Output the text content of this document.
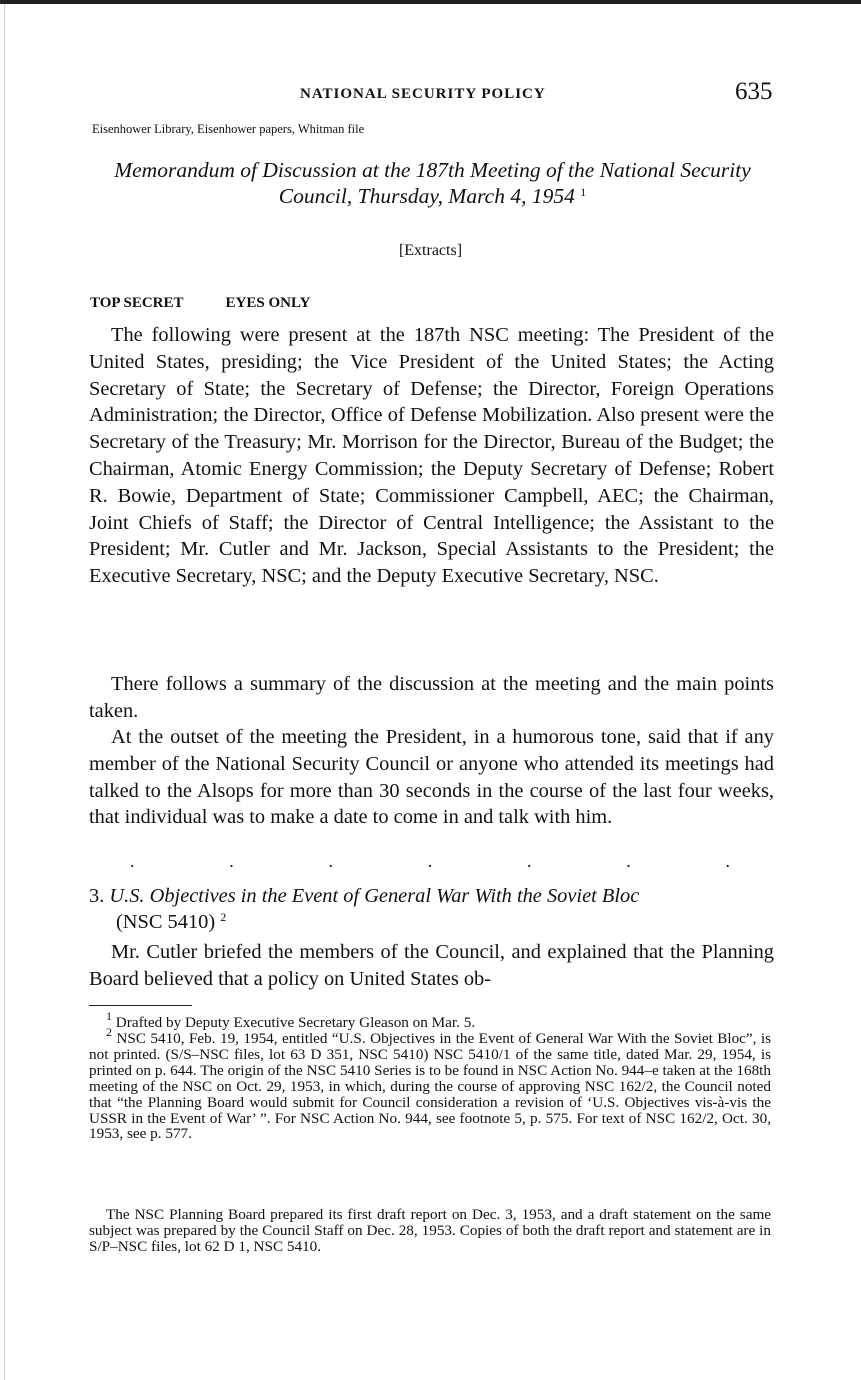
NATIONAL SECURITY POLICY	635
Eisenhower Library, Eisenhower papers, Whitman file
Memorandum of Discussion at the 187th Meeting of the National Security Council, Thursday, March 4, 1954 $^1$
[Extracts]
TOP SECRET	EYES ONLY

The following were present at the 187th NSC meeting: The President of the United States, presiding; the Vice President of the United States; the Acting Secretary of State; the Secretary of Defense; the Director, Foreign Operations Administration; the Director, Office of Defense Mobilization. Also present were the Secretary of the Treasury; Mr. Morrison for the Director, Bureau of the Budget; the Chairman, Atomic Energy Commission; the Deputy Secretary of Defense; Robert R. Bowie, Department of State; Commissioner Campbell, AEC; the Chairman, Joint Chiefs of Staff; the Director of Central Intelligence; the Assistant to the President; Mr. Cutler and Mr. Jackson, Special Assistants to the President; the Executive Secretary, NSC; and the Deputy Executive Secretary, NSC.

There follows a summary of the discussion at the meeting and the main points taken.

At the outset of the meeting the President, in a humorous tone, said that if any member of the National Security Council or anyone who attended its meetings had talked to the Alsops for more than 30 seconds in the course of the last four weeks, that individual was to make a date to come in and talk with him.

.	.	.	.	.	.	.
3. U.S. Objectives in the Event of General War With the Soviet Bloc
(NSC 5410) $^2$

Mr. Cutler briefed the members of the Council, and explained that the Planning Board believed that a policy on United States ob-

$^1$ Drafted by Deputy Executive Secretary Gleason on Mar. 5.

$^2$ NSC 5410, Feb. 19, 1954, entitled “U.S. Objectives in the Event of General War With the Soviet Bloc”, is not printed. (S/S–NSC files, lot 63 D 351, NSC 5410) NSC 5410/1 of the same title, dated Mar. 29, 1954, is printed on p. 644. The origin of the NSC 5410 Series is to be found in NSC Action No. 944–e taken at the 168th meeting of the NSC on Oct. 29, 1953, in which, during the course of approving NSC 162/2, the Council noted that “the Planning Board would submit for Council consideration a revision of ‘U.S. Objectives vis-à-vis the USSR in the Event of War’ ”. For NSC Action No. 944, see footnote 5, p. 575. For text of NSC 162/2, Oct. 30, 1953, see p. 577.

The NSC Planning Board prepared its first draft report on Dec. 3, 1953, and a draft statement on the same subject was prepared by the Council Staff on Dec. 28, 1953. Copies of both the draft report and statement are in S/P–NSC files, lot 62 D 1, NSC 5410.
